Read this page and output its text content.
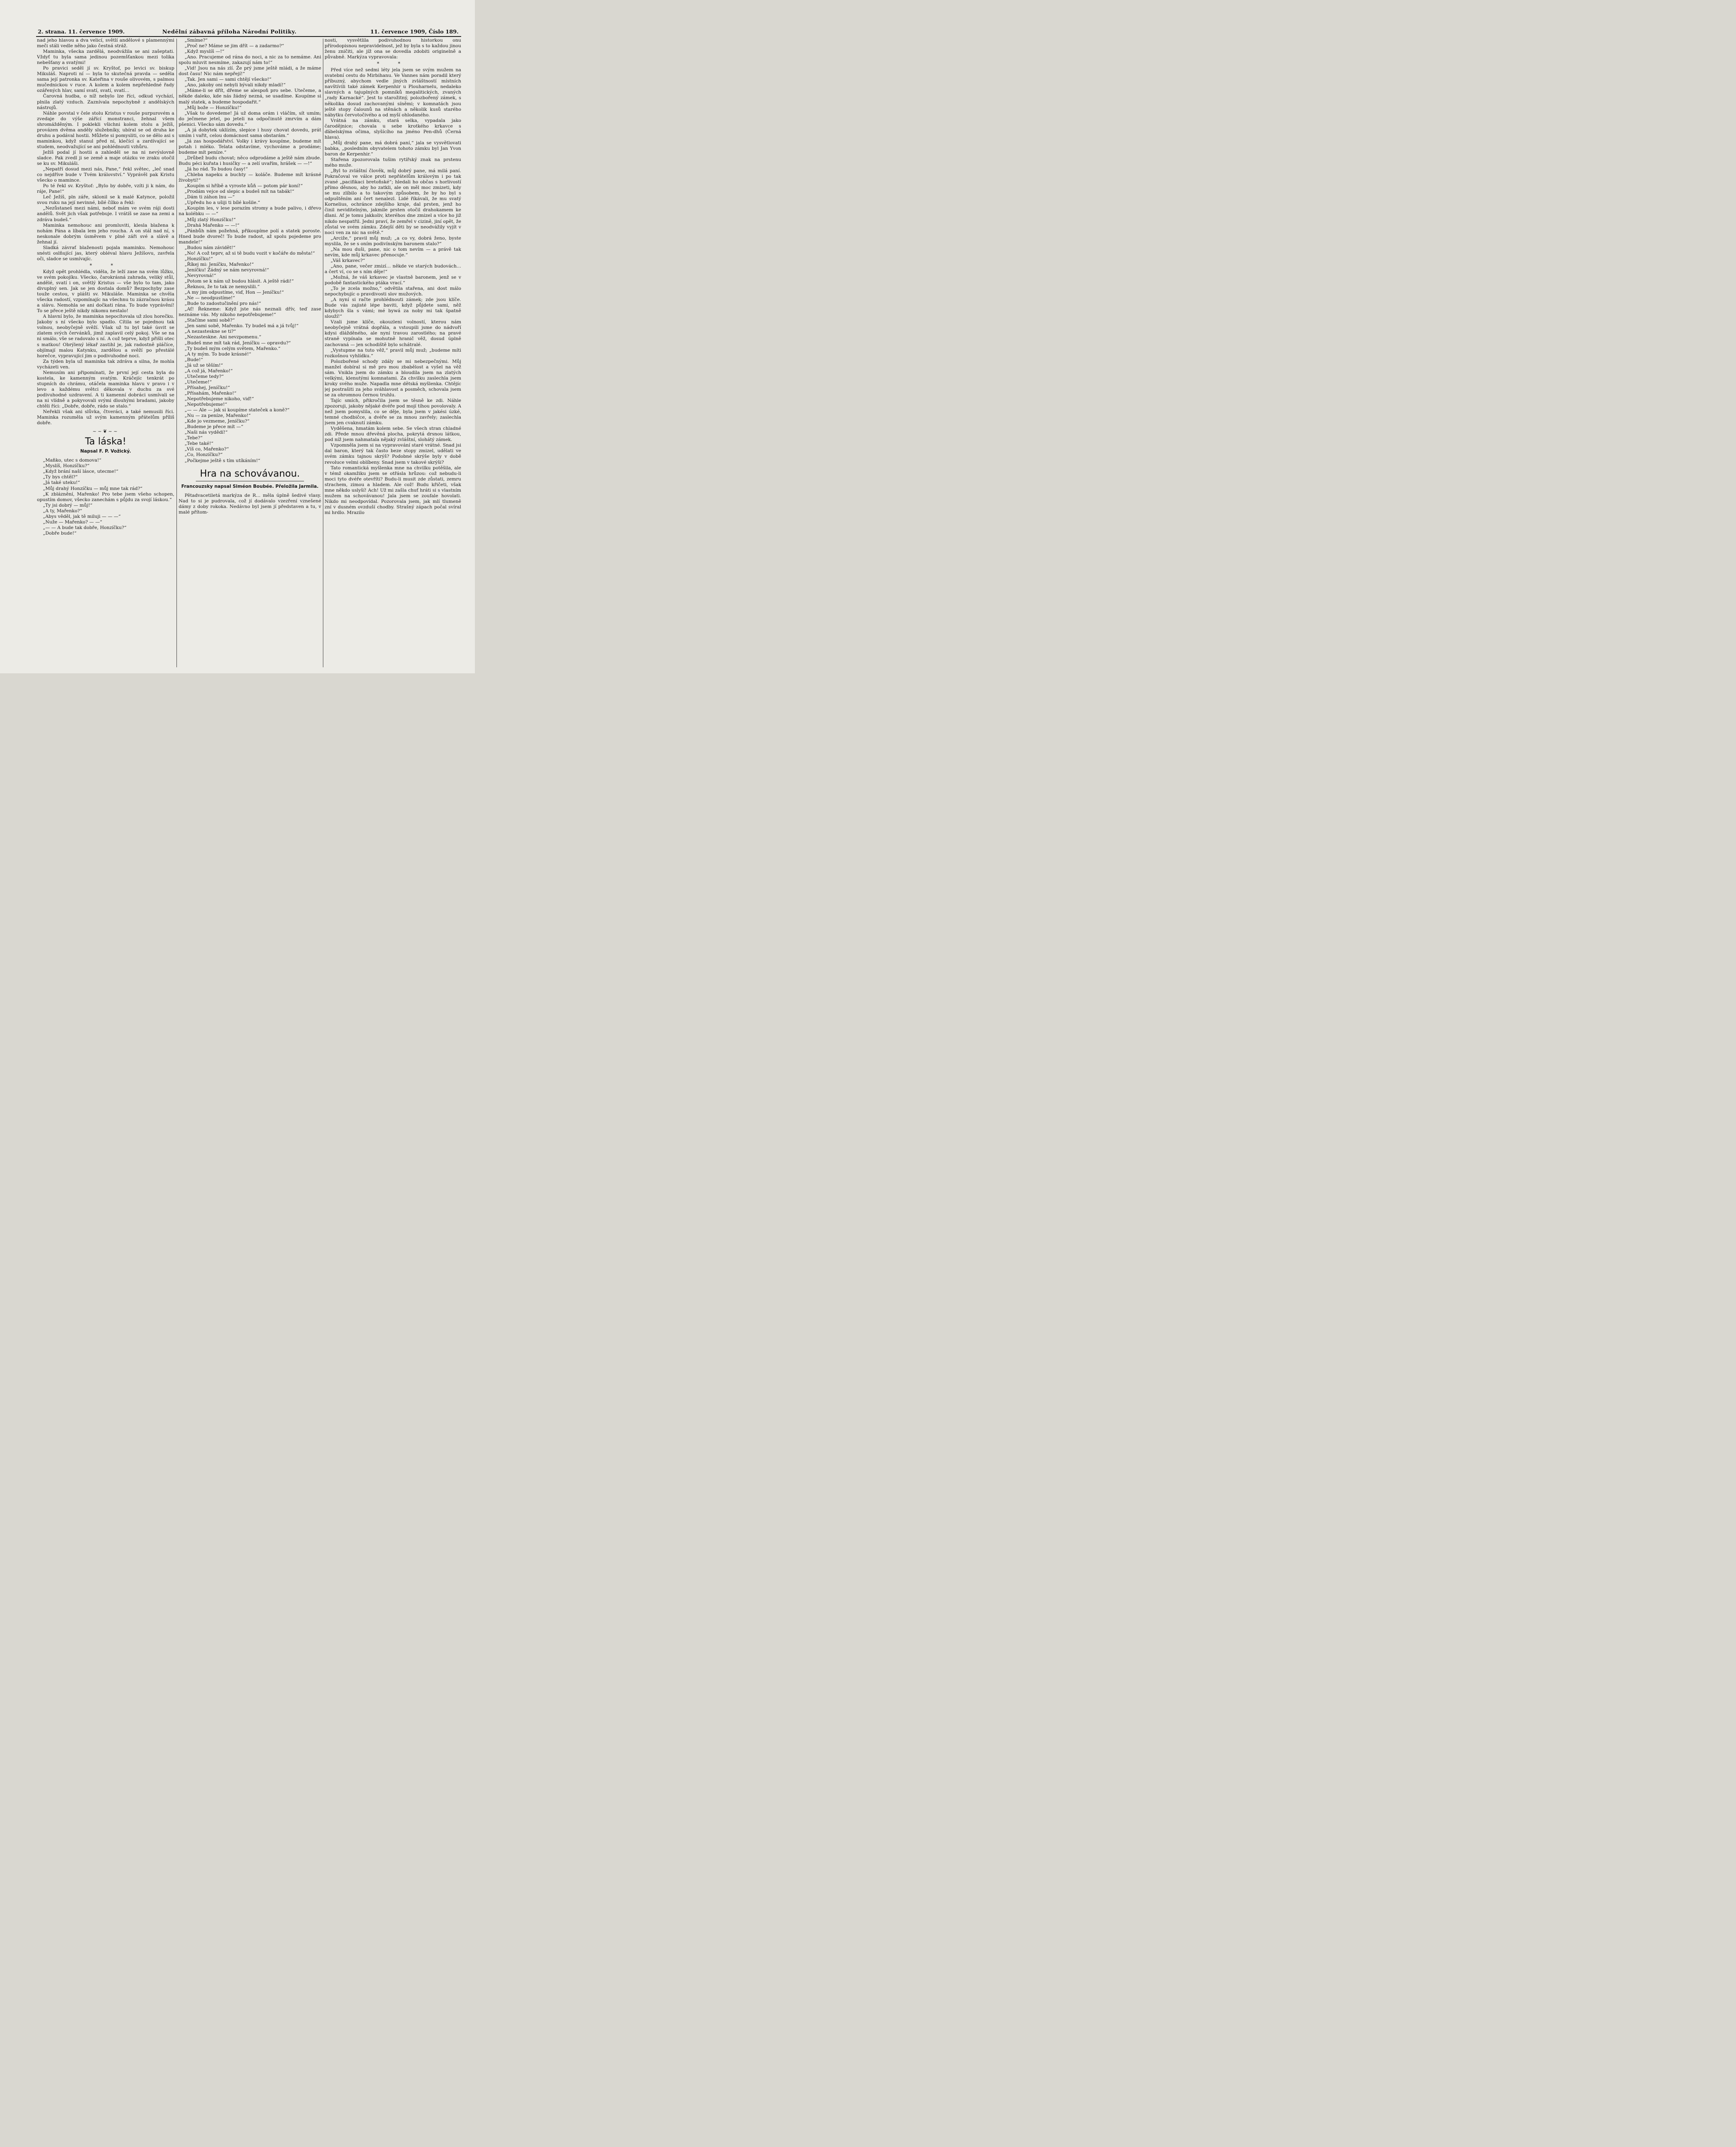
2. strana. 11. července 1909.	Nedělní zábavná příloha Národní Politiky.	11. července 1909, Číslo 189.

nad jeho hlavou a dva velicí, světlí andělové s plamennými meči stáli vedle něho jako čestná stráž.

Maminka, všecka zardělá, neodvážila se ani zašeptati. Vždyť tu byla sama jedinou pozemšťankou mezi tolika nebešťany a svatými!

Po pravici seděl jí sv. Kryštof, po levici sv. biskup Mikuláš. Naproti ní — byla to skutečná pravda — seděla sama její patronka sv. Kateřina v rouše olivovém, s palmou mučednickou v ruce. A kolem a kolem nepřehledné řady ozářených hlav, samí svatí, svatí, svatí…

Čarovná hudba, o níž nebylo lze říci, odkud vychází, plnila zlatý vzduch. Zaznívala nepochybně z andělských nástrojů.

Náhle povstal v čele stolu Kristus v rouše purpurovém a zvedaje do výše zářící monstranci, žehnal všem shromážděným. I poklekli všichni kolem stolu a Ježíš, provázen dvěma anděly služebníky, ubíral se od druha ke druhu a podával hostii. Můžete si pomysliti, co se dělo asi s maminkou, když stanul před ní, klečící a zardívající se studem, neodvažující se ani pohlédnouti vzhůru.

Ježíš podal jí hostii a zahleděl se na ni nevýslovně sladce. Pak zvedl ji se země a maje otázku ve zraku otočil se ku sv. Mikuláši.

„Nepatří dosud mezi nás, Pane,“ řekl světec, „leč snad co nejdříve bude v Tvém království.“ Vyprávěl pak Kristu všecko o mamince.

Po té řekl sv. Kryštof: „Bylo by dobře, vzíti ji k nám, do ráje, Pane!“

Leč Ježíš, pln záře, sklonil se k malé Katynce, položil svou ruku na její nevinné, bílé čílko a řekl:

„Nezůstaneš mezi námi, neboť mám ve svém ráji dosti andělů. Svět jich však potřebuje. I vrátíš se zase na zemi a zdráva budeš.“

Maminka nemohouc ani promluviti, klesla blažena k nohám Pána a líbala lem jeho roucha. A on stál nad ní, s neskonale dobrým úsměvem v plné záři své a slávě a žehnal jí.

Sladká závrať blaženosti pojala maminku. Nemohouc snésti oslňující jas, který obléval hlavu Ježíšovu, zavřela oči, sladce se usmívajíc.

* *

Když opět prohlédla, viděla, že leží zase na svém lůžku, ve svém pokojíku. Všecko, čarokrásná zahrada, veliký stůl, andělé, svatí i on, světlý Kristus — vše bylo to tam, jako divuplný sen. Jak se jen dostala domů? Bezpochyby zase touže cestou, v plášti sv. Mikuláše. Maminka se chvěla všecka radostí, vzpomínajíc na všechnu tu zázračnou krásu a slávu. Nemohla se ani dočkati rána. To bude vyprávění! To se přece ještě nikdy nikomu nestalo!

A hlavní bylo, že maminka nepocítovala už zlou horečku. Jakoby s ní všecko bylo spadlo. Cítila se pojednou tak volnou, neobyčejně svěží. Však už tu byl také úsvit se zlatem svých červánků, jimž zaplavil celý pokoj. Vše se na ni smálo, vše se radovalo s ní. A což teprve, když přišli otec s matkou! Obrýlený lékař zastihl je, jak radostně pláčíce, objímají malou Katynku, zardělou a svěží po přestálé horečce, vypravující jim o podivuhodné noci.

Za týden byla už maminka tak zdráva a silna, že mohla vycházeti ven.

Nemusím ani připomínati, že první její cesta byla do kostela, ke kamenným svatým. Kráčejíc tenkrát po stupních do chrámu, otáčela maminka hlavu v pravo i v levo a každému světci děkovala v duchu za své podivuhodné uzdravení. A ti kamenní dobráci usmívali se na ni vlídně a pokyvovali svými dlouhými bradami, jakoby chtěli říci: „Dobře, dobře, rádo se stalo.“

Neřekli však ani slůvka, čtveráci, a také nemusili říci. Maminka rozuměla už svým kamenným přátelům příliš dobře.

~~❦~~
Ta láska!
Napsal F. P. Vožický.

„Maňko, utec s domova!“

„Myslíš, Honzíčku?“

„Když brání naší lásce, utecme!“

„Ty bys chtěl?“

„Já také uteku!“

„Můj drahý Honzíčku — můj mne tak rád?“

„K zbláznění, Mařenko! Pro tebe jsem všeho schopen, opustím domov, všecko zanechám s půjdu za svojí láskou.“

„Ty jsi dobrý — můj!“

„A ty, Mařenko?“

„Abys věděl, jak tě miluji — — —“

„Nuže — Mařenko? — —“

„— — A bude tak dobře, Honzíčku?“

„Dobře bude!“

„Smíme?“

„Proč ne? Máme se jim dřít — a zadarmo?“

„Když myslíš —!“

„Ano. Pracujeme od rána do noci, a nic za to nemáme. Ani spolu mluvit nesmíme, zakazují nám to!“

„Vid! Jsou na nás zlí. Že prý jsme ještě mládi, a že máme dost času! Nic nám nepřejí!“

„Tak. Jen sami — sami chtějí všecko!“

„Ano, jakoby oni nebyli bývali nikdy mladí!“

„Máme-li se dřít, dřeme se alespoň pro sebe. Utečeme, a někde daleko, kde nás žádný nezná, se usadíme. Koupíme si malý statek, a budeme hospodařit.“

„Můj bože — Honzíčku!“

„Však to dovedeme! Já už doma orám i vláčím, sít umím; do ječmene jetel, po jeteli na odpočinutě zmrvím a dám pšenici. Všecko sám dovedu.“

„A já dobytek uklízím, slepice i husy chovat dovedu, prát umím i vařit, celou domácnost sama obstarám.“

„Já zas hospodářství. Volky i krávy koupíme, budeme mít potah i mléko. Telata odstavíme, vychováme a prodáme; budeme mít peníze.“

„Drůbež budu chovat; něco odprodáme a ještě nám zbude. Budu péci kuřata i husičky — a zelí uvařím, hrášek — —!“

„Já ho rád. To budou časy!“

„Chleba napeku a buchty — koláče. Budeme mít krásné živobytí!“

„Koupím si hříbě a vyroste kůň — potom pár koní!“

„Prodám vejce od slepic a budeš mít na tabák!“

„Dám ti záhon lnu —“

„Upředu ho a ušiji ti bílé košile.“

„Koupím les, v lese porazím stromy a bude palivo, i dřevo na kolébku — —“

„Můj zlatý Honzíčku!“

„Drahá Mařenko — —!“

„Pánbůh nám požehná, přikoupíme polí a statek poroste. Hned bude dvoreč! To bude radost, až spolu pojedeme pro mandele!“

„Budou nám závidět!“

„No! A což teprv, až si tě budu vozit v kočáře do města!“

„Honzíčku!“

„Říkej mi: Jeníčku, Mařenko!“

„Jeníčku! Žádný se nám nevyrovná!“

„Nevyrovná!“

„Potom se k nám už budou hlásit. A ještě rádi!“

„Řeknou, že to tak ze nemyslili.“

„A my jim odpustíme, viď, Hon — Jeníčku!“

„Ne — neodpustíme!“

„Bude to zadostučinění pro nás!“

„Ať! Řekneme: Když jste nás neznali dřív, teď zase neznáme vás. My nikoho nepotřebujeme!“

„Stačíme sami sobě?“

„Jen sami sobě, Mařenko. Ty budeš má a já tvůj!“

„A nezastesknе se ti?“

„Nezastesknе. Ani nevzpomenu.“

„Budeš mne mít tak rád, Jeníčku — opravdu?“

„Ty budeš mým celým světem, Mařenko.“

„A ty mým. To bude krásné!“

„Bude!“

„Já už se těším!“

„A což já, Mařenko!“

„Utečeme tedy?“

„Utečeme!“

„Přísahej, Jeníčku!“

„Přísahám, Mařenko!“

„Nepotřebujeme nikoho, viď!“

„Nepotřebujeme!“

„— — Ale — jak si koupíme stateček a koně?“

„Nu — za peníze, Mařenko!“

„Kde jo vezmeme, Jeníčku?“

„Budeme je přece mít —“

„Naši nás vydědí!“

„Tebe?“

„Tebe také!“

„Víš co, Mařenko?“

„Co, Honzíčku?“

„Počkejme ještě s tím utíkáním!“

Hra na schovávanou.
Francouzsky napsal Siméon Boubée. Přeložila Jarmila.

Pětadvacetiletá markýza de R… měla úplně šedivé vlasy. Nad to si je pudrovala, což jí dodávalo vzezření vznešené dámy z doby rokoka. Nedávno byl jsem jí představen a tu, v malé přítom-

nosti, vysvětlila podivuhodnou historkou onu přírodopisnou nepravidelnost, jež by byla s to každou jinou ženu zničiti, ale jíž ona se dovedla zdobiti originelně a půvabně. Markýza vypravovala:

* *

Před více než sedmi léty jela jsem se svým mužem na svatební cestu do Mirbihanu. Ve Vannes nám poradil který příbuzný, abychom vedle jiných zvláštností místních navštívili také zámek Kerpenhir u Plouharnelu, nedaleko slavných a tajuplných pomníků megalitických, zvaných „rady Karnacké“. Jest to starožitný, polozbořený zámek, s několika dosud zachovanými síněmi; v komnatách jsou ještě stopy čalounů na stěnách a několik kusů starého nábytku červotočivého a od myší ohlodaného.

Vrátná na zámku, stará selka, vypadala jako čarodějnice; chovala u sebe krotkého krkavce s ďábelskýma očima, slyšícího na jméno Pen-dhů (Černá hlava).

„Můj drahý pane, má dobrá paní,“ jala se vysvětlovati babka, „posledním obyvatelem tohoto zámku byl Jan Yvon baron de Kerpenhir.“

Stařena zpozorovala tušim rytířský znak na prstenu mého muže.

„Byl to zvláštní člověk, můj dobrý pane, má milá paní. Pokračoval ve válce proti nepřátelům královým i po tak zvané „pacifikaci bretoňské“; hledali ho občas s horlivostí přímo děsnou, aby ho zatkli, ale on měl moc zmizeti, kdy se mu zlíbilo a to takovým způsobem, že by ho byl s odpuštěním ani čert nenalezl. Lidé říkávali, že mu svatý Kornelius, ochránce zdejšího kraje, dal prsten, jenž ho činil neviditelným, jakmile prsten otočil drahokamem ke dlani. Ať je tomu jakkoliv, kteréhos dne zmizel a více ho již nikdo nespatřil. Jedni praví, že zemřel v cizině, jiní opět, že zůstal ve svém zámku. Zdejší děti by se neodvážily vyjít v noci ven za nic na světě.“

„Arciže,“ pravil můj muž; „a co vy, dobrá ženo, byste myslila, že se s oním podivínským baronem stalo?“

„Na mou duši, pane, nic o tom nevím — a právě tak nevím, kde můj krkavec přenocuje.“

„Váš krkavec?“

„Ano, pane, večer zmizí… někde ve starých budovách… a čert ví, co se s ním děje!“

„Možná, že váš krkavec je vlastně baronem, jenž se v podobě fantastického ptáka vrací.“

„To je zcela možno,“ odvětila stařena, ani dost málo nepochybujíc o pravdivosti slov mužových.

„A nyní si račte prohlédnouti zámek; zde jsou klíče. Bude vás zajisté lépe baviti, když půjdete sami, něž kdybych šla s vámi; mé bywá za noby mi tak špatně slouží!“

Vzali jsme klíče, okouzleni volností, kterou nám neobyčejně vrátná dopřála, a vstoupili jsme do nádvoří kdysi dlážděného, ale nyní travou zarostlého; na pravé straně vypínala se mohutně hranič věž, dosud úplně zachovaná — jen schodiště bylo schátralé.

„Vystupme na tuto věž,“ pravil můj muž; „budeme míti rozkošnou vyhlídku.“

Polozbořené schody zdály se mi nebezpečnými. Můj manžel dobíral si mě pro mou zbabělost a vyšel na věž sám. Vnikla jsem do zámku a bloudila jsem na zlatých velkými, klenutými komnatami. Za chvilku zaslechla jsem kroky svého muže. Napadla mne dětská myšlenka. Chtějíc jej postrašiti za jeho sváhlavost a posměch, schovala jsem se za ohromnou černou truhlu.

Tajíc smích, přikročila jsem se těsně ke zdi. Náhle zpozoruji, jakoby nějaké dvéře pod mojí tíhou povolovaly. A než jsem pomyslila, co se děje, byla jsem v jakési úzké, temné chodbičce, a dvéře se za mnou zavřely; zaslechla jsem jen cvaknutí zámku.

Vyděšena, hmatám kolem sebe. Se všech stran chladné zdi. Přede mnou dřevěná plocha, pokrytá drsnou látkou, pod níž jsem nahmatala nějaký zvláštní, slohátý zámek.

Vzpomněla jsem si na vypravování staré vrátné. Snad jsi dal baron, který tak často beze stopy zmizel, udělati ve svém zámku tajnou skrýš? Podobné skrýše byly v době revoluce velmi oblíbeny. Snad jsem v takové skrýši?

Tato romantická myšlenka mne na chvilku potěšila, ale v témž okamžiku jsem se otřásla hrůzou: což nebudu-li moci tyto dvéře otevříti? Budu-li musit zde zůstati, zemru strachem, zimou a hladem. Ale což! Budu křičeti, však mne někdo uslyší! Ach! Už mi zašla chuť hráti si s vlastním mužem na schovávanou! Jala jsem se zoufale hovolati. Nikdo mi neodpovídal. Pozorovala jsem, jak mlí tlumeně zní v dusném ovzduší chodby. Strašný zápach počal svíral mi hrdlo. Mrazilo
